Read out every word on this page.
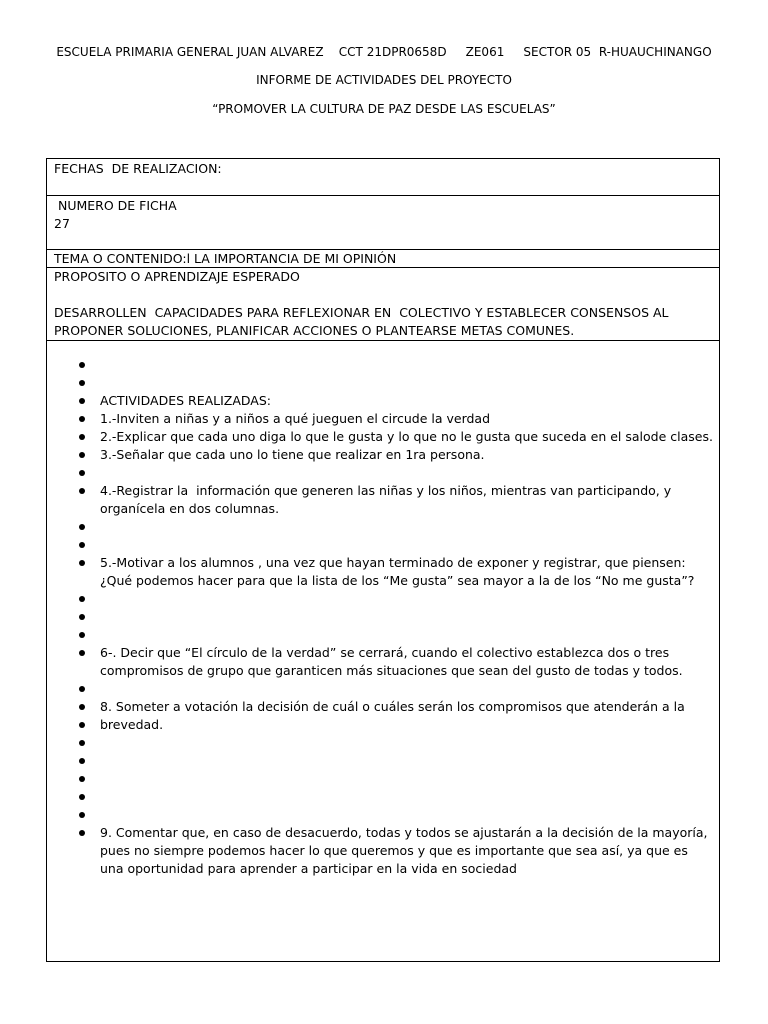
ESCUELA PRIMARIA GENERAL JUAN ALVAREZ    CCT 21DPR0658D     ZE061     SECTOR 05  R-HUAUCHINANGO
INFORME DE ACTIVIDADES DEL PROYECTO
“PROMOVER LA CULTURA DE PAZ DESDE LAS ESCUELAS”
FECHAS  DE REALIZACION:
NUMERO DE FICHA
27
TEMA O CONTENIDO:l LA IMPORTANCIA DE MI OPINIÓN
PROPOSITO O APRENDIZAJE ESPERADO
DESARROLLEN  CAPACIDADES PARA REFLEXIONAR EN  COLECTIVO Y ESTABLECER CONSENSOS AL PROPONER SOLUCIONES, PLANIFICAR ACCIONES O PLANTEARSE METAS COMUNES.
ACTIVIDADES REALIZADAS:
1.-Inviten a niñas y a niños a qué jueguen el circude la verdad
2.-Explicar que cada uno diga lo que le gusta y lo que no le gusta que suceda en el salode clases.
3.-Señalar que cada uno lo tiene que realizar en 1ra persona.
4.-Registrar la  información que generen las niñas y los niños, mientras van participando, y organícela en dos columnas.
5.-Motivar a los alumnos , una vez que hayan terminado de exponer y registrar, que piensen: ¿Qué podemos hacer para que la lista de los “Me gusta” sea mayor a la de los “No me gusta”?
6-. Decir que “El círculo de la verdad” se cerrará, cuando el colectivo establezca dos o tres compromisos de grupo que garanticen más situaciones que sean del gusto de todas y todos.
8. Someter a votación la decisión de cuál o cuáles serán los compromisos que atenderán a la
brevedad.
9. Comentar que, en caso de desacuerdo, todas y todos se ajustarán a la decisión de la mayoría, pues no siempre podemos hacer lo que queremos y que es importante que sea así, ya que es una oportunidad para aprender a participar en la vida en sociedad
